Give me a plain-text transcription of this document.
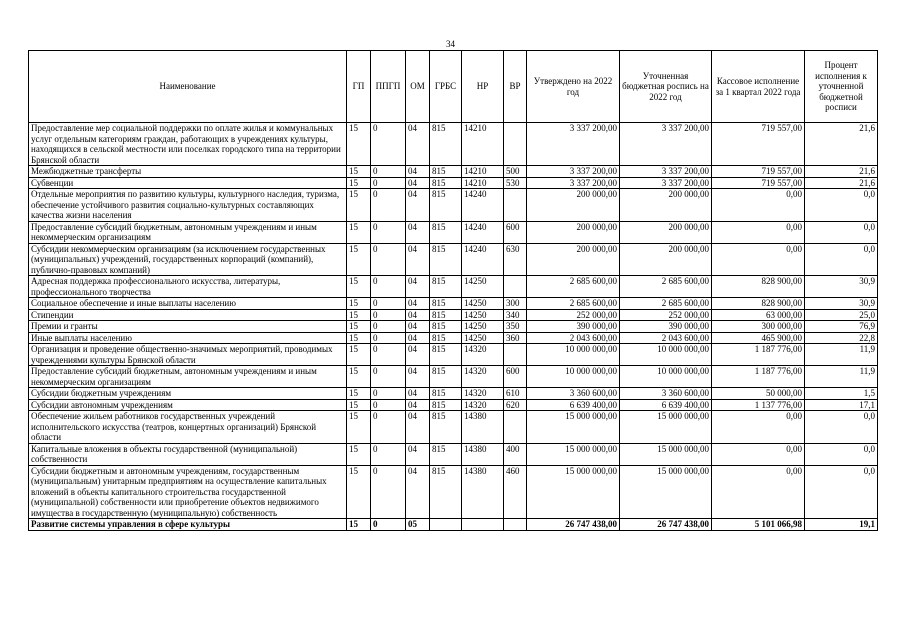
34
Наименование	ГП	ППГП	ОМ	ГРБС	НР	ВР	Утверждено на 2022 год	Уточненная бюджетная роспись на 2022 год	Кассовое исполнение за 1 квартал 2022 года	Процент исполнения к уточненной бюджетной росписи
Предоставление мер социальной поддержки по оплате жилья и коммунальных услуг отдельным категориям граждан, работающих в учреждениях культуры, находящихся в сельской местности или поселках городского типа на территории Брянской области	15	0	04	815	14210		3 337 200,00	3 337 200,00	719 557,00	21,6
Межбюджетные трансферты	15	0	04	815	14210	500	3 337 200,00	3 337 200,00	719 557,00	21,6
Субвенции	15	0	04	815	14210	530	3 337 200,00	3 337 200,00	719 557,00	21,6
Отдельные мероприятия по развитию культуры, культурного наследия, туризма, обеспечение устойчивого развития социально-культурных составляющих качества жизни населения	15	0	04	815	14240		200 000,00	200 000,00	0,00	0,0
Предоставление субсидий бюджетным, автономным учреждениям и иным некоммерческим организациям	15	0	04	815	14240	600	200 000,00	200 000,00	0,00	0,0
Субсидии некоммерческим организациям (за исключением государственных (муниципальных) учреждений, государственных корпораций (компаний), публично-правовых компаний)	15	0	04	815	14240	630	200 000,00	200 000,00	0,00	0,0
Адресная поддержка профессионального искусства, литературы, профессионального творчества	15	0	04	815	14250		2 685 600,00	2 685 600,00	828 900,00	30,9
Социальное обеспечение и иные выплаты населению	15	0	04	815	14250	300	2 685 600,00	2 685 600,00	828 900,00	30,9
Стипендии	15	0	04	815	14250	340	252 000,00	252 000,00	63 000,00	25,0
Премии и гранты	15	0	04	815	14250	350	390 000,00	390 000,00	300 000,00	76,9
Иные выплаты населению	15	0	04	815	14250	360	2 043 600,00	2 043 600,00	465 900,00	22,8
Организация и проведение общественно-значимых мероприятий, проводимых учреждениями культуры Брянской области	15	0	04	815	14320		10 000 000,00	10 000 000,00	1 187 776,00	11,9
Предоставление субсидий бюджетным, автономным учреждениям и иным некоммерческим организациям	15	0	04	815	14320	600	10 000 000,00	10 000 000,00	1 187 776,00	11,9
Субсидии бюджетным учреждениям	15	0	04	815	14320	610	3 360 600,00	3 360 600,00	50 000,00	1,5
Субсидии автономным учреждениям	15	0	04	815	14320	620	6 639 400,00	6 639 400,00	1 137 776,00	17,1
Обеспечение жильем работников государственных учреждений исполнительского искусства (театров, концертных организаций) Брянской области	15	0	04	815	14380		15 000 000,00	15 000 000,00	0,00	0,0
Капитальные вложения в объекты государственной (муниципальной) собственности	15	0	04	815	14380	400	15 000 000,00	15 000 000,00	0,00	0,0
Субсидии бюджетным и автономным учреждениям, государственным (муниципальным) унитарным предприятиям на осуществление капитальных вложений в объекты капитального строительства государственной (муниципальной) собственности или приобретение объектов недвижимого имущества в государственную (муниципальную) собственность	15	0	04	815	14380	460	15 000 000,00	15 000 000,00	0,00	0,0
Развитие системы управления в сфере культуры	15	0	05				26 747 438,00	26 747 438,00	5 101 066,98	19,1
